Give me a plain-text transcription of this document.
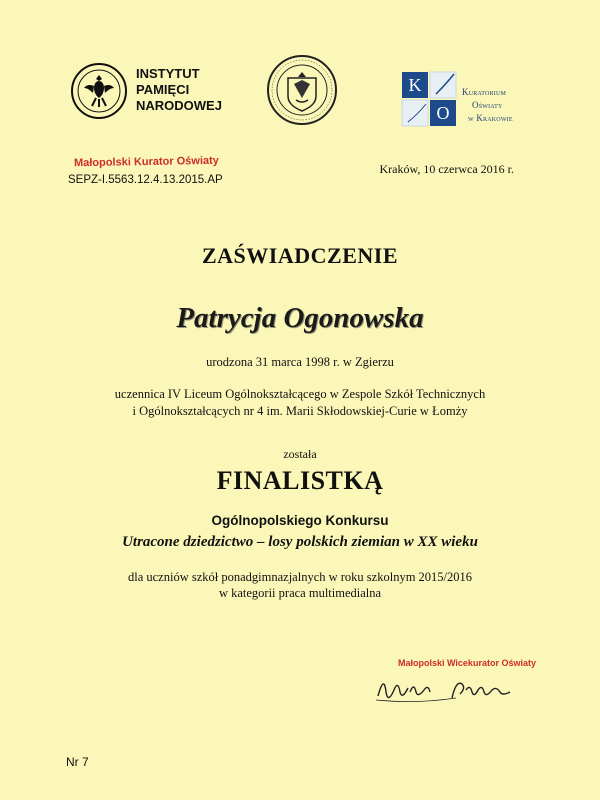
INSTYTUT
PAMIĘCI
NARODOWEJ
K
O
Kuratorium
Oświaty
w Krakowie
Małopolski Kurator Oświaty
SEPZ-I.5563.12.4.13.2015.AP
Kraków, 10 czerwca 2016 r.
ZAŚWIADCZENIE
Patrycja Ogonowska
urodzona 31 marca 1998 r. w Zgierzu
uczennica IV Liceum Ogólnokształcącego w Zespole Szkół Technicznych
i Ogólnokształcących nr 4 im. Marii Skłodowskiej-Curie w Łomży
została
FINALISTKĄ
Ogólnopolskiego Konkursu
Utracone dziedzictwo – losy polskich ziemian w XX wieku
dla uczniów szkół ponadgimnazjalnych w roku szkolnym 2015/2016
w kategorii praca multimedialna
Małopolski Wicekurator Oświaty
Nr 7
